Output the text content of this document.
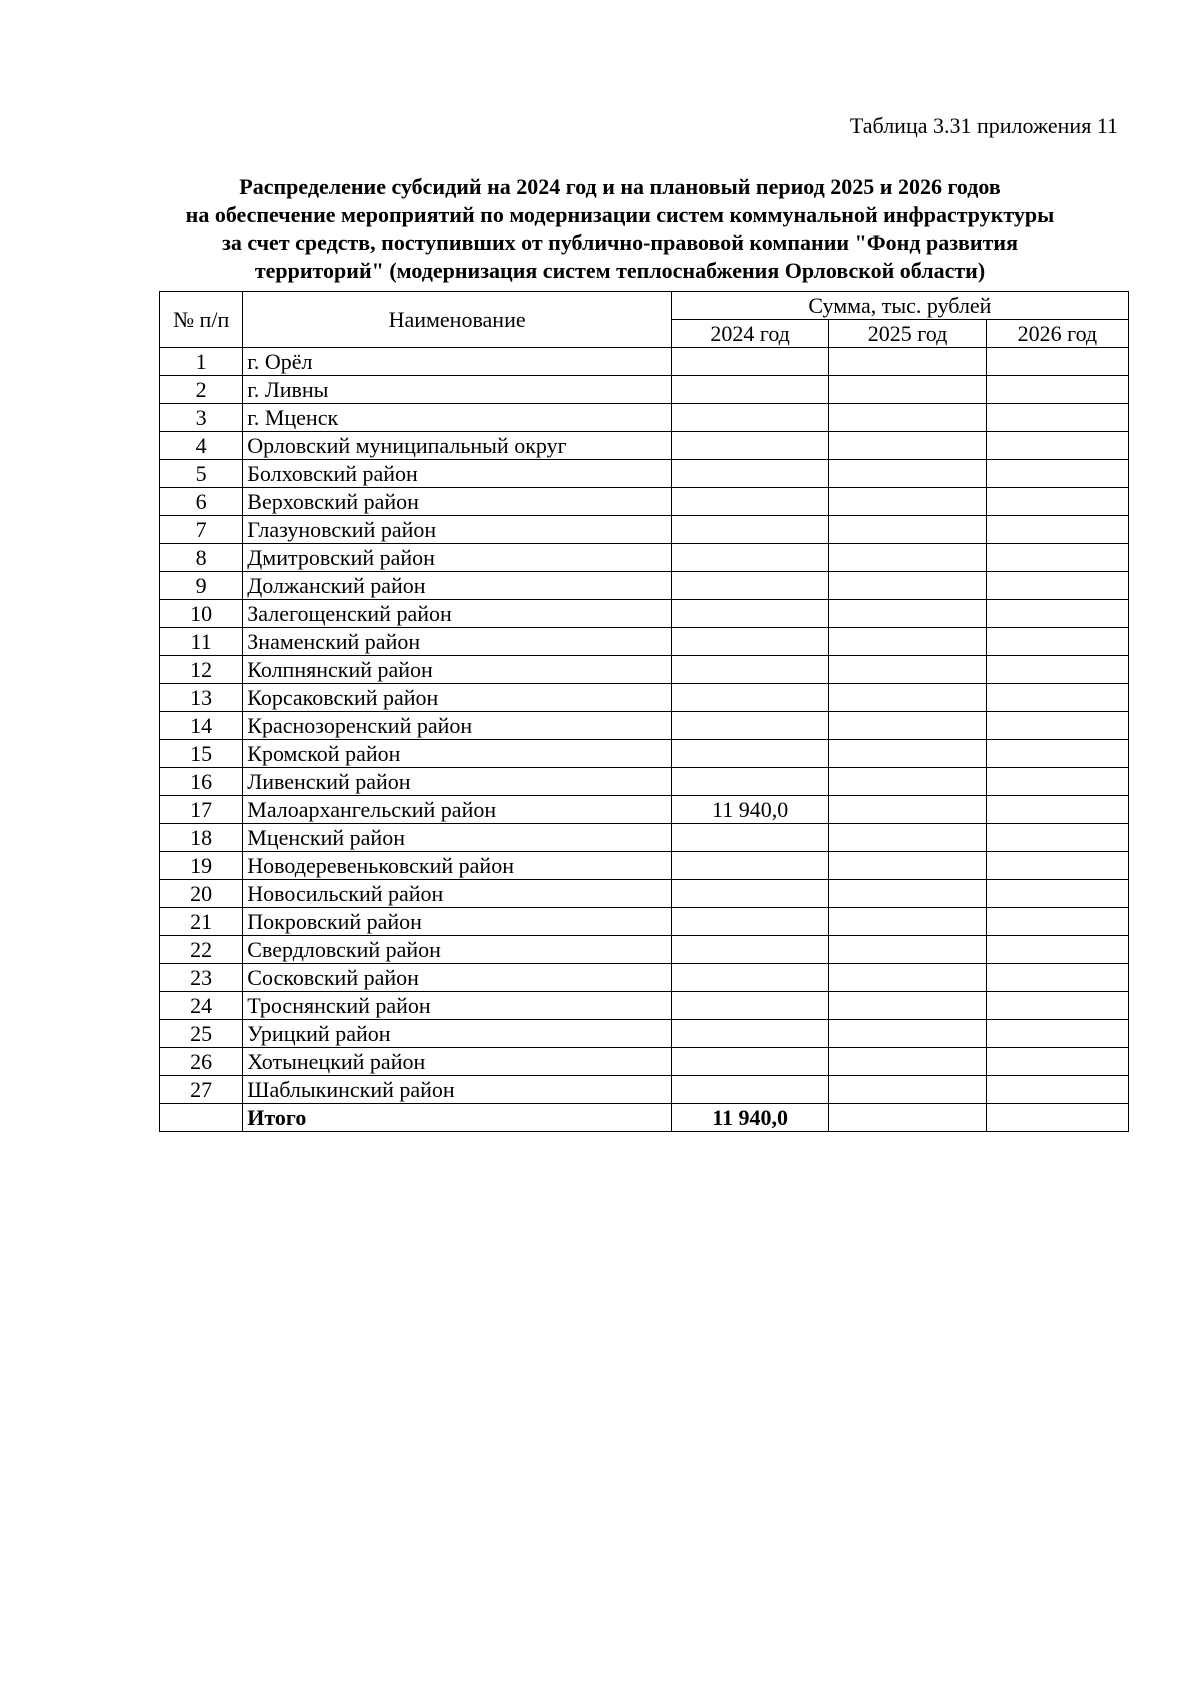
Таблица 3.31 приложения 11
Распределение субсидий на 2024 год и на плановый период 2025 и 2026 годов
на обеспечение мероприятий по модернизации систем коммунальной инфраструктуры
за счет средств, поступивших от публично-правовой компании "Фонд развития
территорий" (модернизация систем теплоснабжения Орловской области)
№ п/п	Наименование	Сумма, тыс. рублей		
		2024 год	2025 год	2026 год
1	г. Орёл			
2	г. Ливны			
3	г. Мценск			
4	Орловский муниципальный округ			
5	Болховский район			
6	Верховский район			
7	Глазуновский район			
8	Дмитровский район			
9	Должанский район			
10	Залегощенский район			
11	Знаменский район			
12	Колпнянский район			
13	Корсаковский район			
14	Краснозоренский район			
15	Кромской район			
16	Ливенский район			
17	Малоархангельский район	11 940,0		
18	Мценский район			
19	Новодеревеньковский район			
20	Новосильский район			
21	Покровский район			
22	Свердловский район			
23	Сосковский район			
24	Троснянский район			
25	Урицкий район			
26	Хотынецкий район			
27	Шаблыкинский район			
	Итого	11 940,0		
